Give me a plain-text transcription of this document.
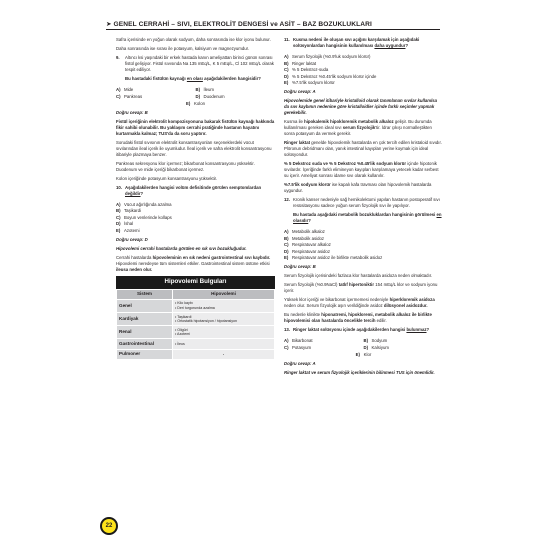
➤ GENEL CERRAHİ – SIVI, ELEKTROLİT DENGESİ ve ASİT – BAZ BOZUKLUKLARI

Safra içerisinde en yoğun olarak sodyum, daha sonrasında ise klor iyonu bulunur.

Daha sonrasında ise sırası ile potasyum, kalsiyum ve magnezyumdur.

9.	Altıncı ksi yaşındaki bir erkek hastada kanın ameliyattan birinci günün sonrası fistül gelişiyor. Fistül sıvısında Na 135 mEq/L, K 5 mEq/L, Cl 102 mEq/L olarak tespit ediliyor.

Bu hastadaki fistülün kaynağı en olası aşağıdakilerden hangisidir?

A) Mide	B) İleum
C) Pankreas	D) Duodenum
E) Kolon

Doğru cevap: B

Fistül içeriğinin elektrolit kompozisyonuna bakarak fistülün kaynağı hakkında fikir sahibi olunabilir. Bu yaklaşım cerrahi pratiğinde hastanın hayatını kurtarmakla kalmaz; TUS'da da soru yaptırır.

Sorudaki fistül sıvısının elektrolit konsantrasyonları seçeneklerdeki vücut sıvılarından ileal içerik ile uyumludur. İleal içerik ve safra elektrolit konsantrasyonu itibariyle plazmaya benzer.

Pankreas sekresyonu klor içermez; bikarbonat konsantrasyonu yüksektir. Duodenum ve mide içeriği bikarbonat içermez.

Kolon içeriğinde potasyum konsantrasyonu yüksektir.

10. Aşağıdakilerden hangisi volüm defisitinde görülen semptomlardan değildir?

A) Vücut ağırlığında azalma
B) Taşikardi
C) Boyun venlerinde kollaps
D) İshal
E) Azotemi

Doğru cevap: D

Hipovolemi cerrahi hastalarda görülen en sık sıvı bozukluğudur.

Cerrahi hastalarda hipovoleminin en sık nedeni gastrointestinal sıvı kaybıdır. Hipovolemi neredeyse tüm sistemleri etkiler. Gastrointestinal sistem üstüne etkisi ileusa neden olur.

Hipovolemi Bulguları
Sistem	Hipovolemi
Genel	• Kilo kaybı
• Deri turgorunda azalma

Kardiyak	• Taşikardi
• Ortostatik hipotansiyon / hipotansiyon

Renal	• Oligüri
• Azotemi

Gastrointestinal	• İleus

Pulmoner	-
11. Kusma nedeni ile oluşan sıvı açığını karşılamak için aşağıdaki solüsyonlardan hangisinin kullanılması daha uygundur?

A) Serum fizyolojik (%0.9'luk sodyum klorür)
B) Ringer laktat
C) % 5 Dekstroz-suda
D) % 5 Dekstroz %0.45'lik sodyum klorür içinde
E) %7.5'lik sodyum klorür

Doğru cevap: A

Hipovolemide genel itibariyle kristalloid olarak tanımlanan sıvılar kullanılsa da sıvı kaybının nedenine göre kristalloidler içinde farklı seçimler yapmak gerekebilir.

Kusma ile hipokalemik hipokloremik metabolik alkaloz gelişir. Bu durumda kullanılması gereken ideal sıvı serum fizyolojik'tir. İdrar çıkışı normalleştikten sonra potasyum da vermek gerekir.

Ringer laktat genelde hipovolemik hastalarda en çok tercih edilen kristaloid sıvıdır. Plöronun debridmanı olan, yanık intestinal kayıpları yerine koymak için ideal solüsyondur.

% 5 Dekstroz suda ve % 5 Dekstroz %0.45'lik sodyum klorür içinde hipotonik sıvılardır. İçeriğinde farklı elimineyon kayıpları karşılamaya yetecek kadar serbest su içerir. Ameliyat sonrası idame sıvı olarak kullanılır.

%7.5'lik sodyum klorür ise kapalı kafa travması olan hipovolemik hastalarda uygundur.

12. Kronik kanser nedeniyle sağ hemikolektomi yapılan hastanın postoperatif sıvı resüsitasyonu sadece yoğun serum fizyolojik sıvı ile yapılıyor.

Bu hastada aşağıdaki metabolik bozukluklardan hangisinin görülmesi en olasıdır?

A) Metabolik alkaloz
B) Metabolik asidoz
C) Respiratuvar alkaloz
D) Respiratuvar asidoz
E) Respiratuvar asidoz ile birlikte metabolik asidoz

Doğru cevap: B

Serum fizyolojik içerisindeki fazlaca klor hastalarda asidoza neden olmaktadır.

Serum fizyolojik (%0.9NaCl) tatlıf hipertoniktir 154 mEq/L klor ve sodyum iyonu içerir.

Yüksek klor içeriği ve bikarbonat içermemesi nedeniyle hiperkloremik asidoza neden olur. Serum fizyolojik aşırı verildiğinde asidoz dilüsyonel asidozdur.

Bu nedenle klinikte hiponatremi, hipokloremi, metabolik alkaloz ile birlikte hipovolemisi olan hastalarda öncelikle tercih edilir.

13. Ringer laktat solüsyonu içinde aşağıdakilerden hangisi bulunmaz?

A) Bikarbonat	B) Sodyum
C) Potasyum	D) Kalsiyum
E) Klor

Doğru cevap: A

Ringer laktat ve serum fizyolojik içeriklerinin bilinmesi TUS için önemlidir.

22
